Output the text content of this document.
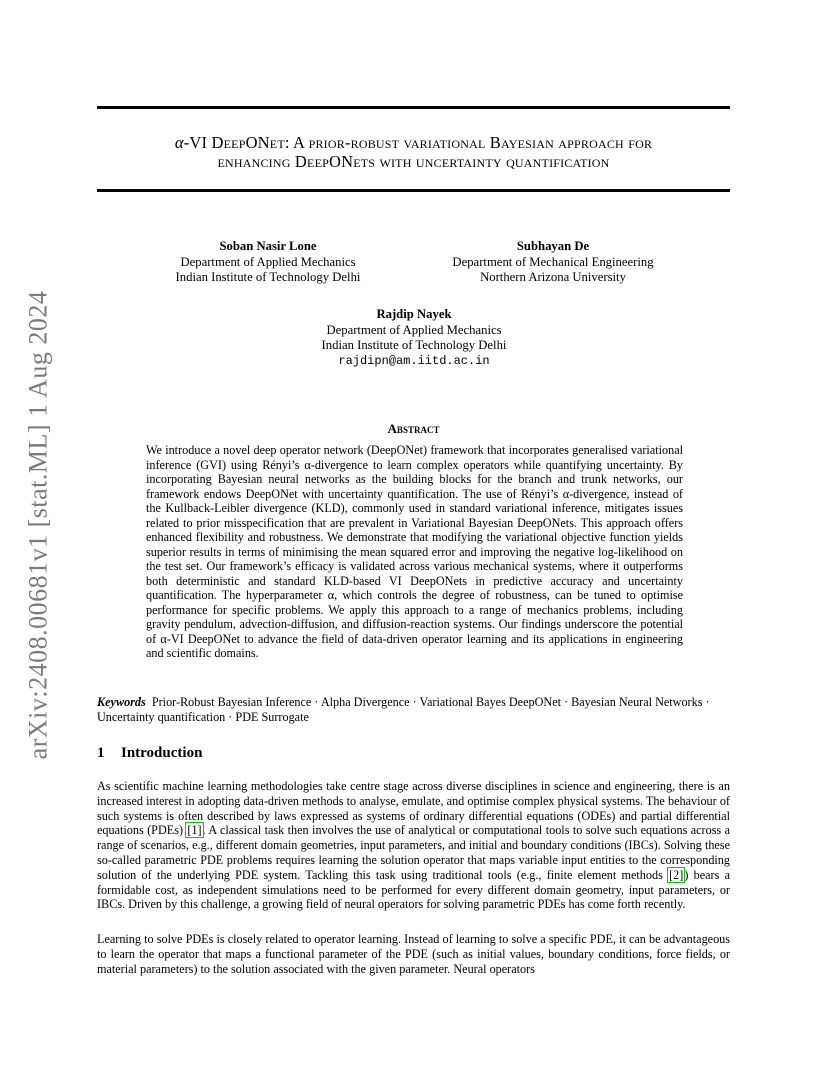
arXiv:2408.00681v1 [stat.ML] 1 Aug 2024
α-VI DeepONet: A prior-robust variational Bayesian approach for
enhancing DeepONets with uncertainty quantification
Soban Nasir Lone
Department of Applied Mechanics
Indian Institute of Technology Delhi
Subhayan De
Department of Mechanical Engineering
Northern Arizona University
Rajdip Nayek
Department of Applied Mechanics
Indian Institute of Technology Delhi
rajdipn@am.iitd.ac.in
Abstract
We introduce a novel deep operator network (DeepONet) framework that incorporates generalised variational inference (GVI) using Rényi’s α-divergence to learn complex operators while quantifying uncertainty. By incorporating Bayesian neural networks as the building blocks for the branch and trunk networks, our framework endows DeepONet with uncertainty quantification. The use of Rényi’s α-divergence, instead of the Kullback-Leibler divergence (KLD), commonly used in standard variational inference, mitigates issues related to prior misspecification that are prevalent in Variational Bayesian DeepONets. This approach offers enhanced flexibility and robustness. We demonstrate that modifying the variational objective function yields superior results in terms of minimising the mean squared error and improving the negative log-likelihood on the test set. Our framework’s efficacy is validated across various mechanical systems, where it outperforms both deterministic and standard KLD-based VI DeepONets in predictive accuracy and uncertainty quantification. The hyperparameter α, which controls the degree of robustness, can be tuned to optimise performance for specific problems. We apply this approach to a range of mechanics problems, including gravity pendulum, advection-diffusion, and diffusion-reaction systems. Our findings underscore the potential of α-VI DeepONet to advance the field of data-driven operator learning and its applications in engineering and scientific domains.
Keywords Prior-Robust Bayesian Inference · Alpha Divergence · Variational Bayes DeepONet · Bayesian Neural Networks · Uncertainty quantification · PDE Surrogate
1 Introduction
As scientific machine learning methodologies take centre stage across diverse disciplines in science and engineering, there is an increased interest in adopting data-driven methods to analyse, emulate, and optimise complex physical systems. The behaviour of such systems is often described by laws expressed as systems of ordinary differential equations (ODEs) and partial differential equations (PDEs) [1]. A classical task then involves the use of analytical or computational tools to solve such equations across a range of scenarios, e.g., different domain geometries, input parameters, and initial and boundary conditions (IBCs). Solving these so-called parametric PDE problems requires learning the solution operator that maps variable input entities to the corresponding solution of the underlying PDE system. Tackling this task using traditional tools (e.g., finite element methods [2]) bears a formidable cost, as independent simulations need to be performed for every different domain geometry, input parameters, or IBCs. Driven by this challenge, a growing field of neural operators for solving parametric PDEs has come forth recently.
Learning to solve PDEs is closely related to operator learning. Instead of learning to solve a specific PDE, it can be advantageous to learn the operator that maps a functional parameter of the PDE (such as initial values, boundary conditions, force fields, or material parameters) to the solution associated with the given parameter. Neural operators
